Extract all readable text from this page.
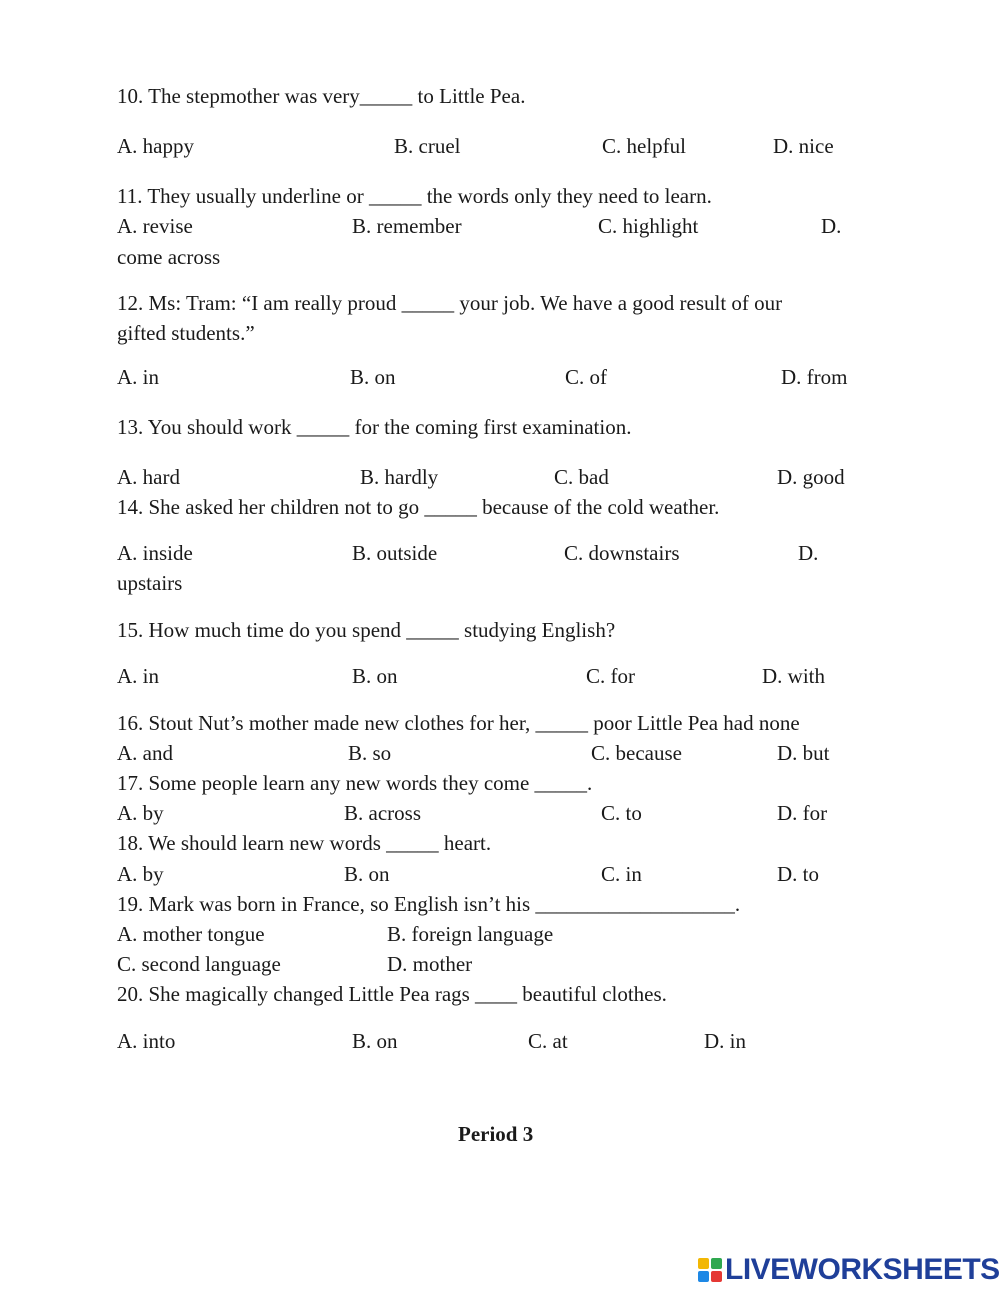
10. The stepmother was very_____ to Little Pea.
A. happy	B. cruel	C. helpful	D. nice
11. They usually underline or _____ the words only they need to learn.
A. revise	B. remember	C. highlight	D.
come across
12. Ms: Tram: “I am really proud _____ your job. We have a good result of our
gifted students.”
A. in	B. on	C. of	D. from
13. You should work _____ for the coming first examination.
A. hard	B. hardly	C. bad	D. good
14. She asked her children not to go _____ because of the cold weather.
A. inside	B. outside	C. downstairs	D.
upstairs
15. How much time do you spend _____ studying English?
A. in	B. on	C. for	D. with
16. Stout Nut’s mother made new clothes for her, _____ poor Little Pea had none
A. and	B. so	C. because	D. but
17. Some people learn any new words they come _____.
A. by	B. across	C. to	D. for
18. We should learn new words _____ heart.
A. by	B. on	C. in	D. to
19. Mark was born in France, so English isn’t his ___________________.
A. mother tongue	B. foreign language
C. second language	D. mother
20. She magically changed Little Pea rags ____ beautiful clothes.
A. into	B. on	C. at	D. in
Period 3
LIVEWORKSHEETS
